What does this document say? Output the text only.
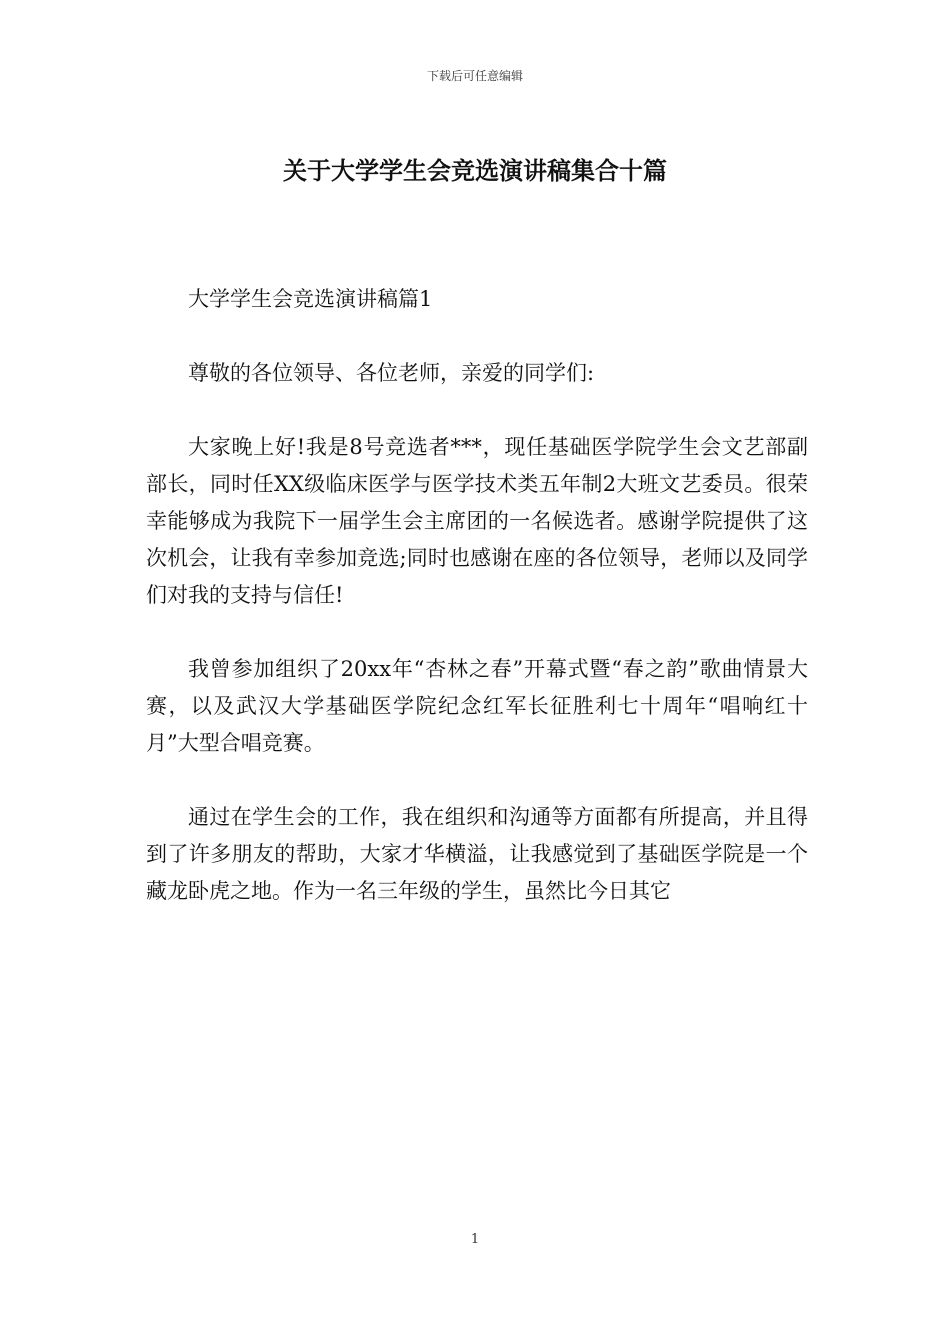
下载后可任意编辑
关于大学学生会竞选演讲稿集合十篇

大学学生会竞选演讲稿篇1

尊敬的各位领导、各位老师，亲爱的同学们:

大家晚上好!我是8号竞选者***，现任基础医学院学生会文艺部副部长，同时任XX级临床医学与医学技术类五年制2大班文艺委员。很荣幸能够成为我院下一届学生会主席团的一名候选者。感谢学院提供了这次机会，让我有幸参加竞选;同时也感谢在座的各位领导，老师以及同学们对我的支持与信任!

我曾参加组织了20xx年“杏林之春”开幕式暨“春之韵”歌曲情景大赛，以及武汉大学基础医学院纪念红军长征胜利七十周年“唱响红十月”大型合唱竞赛。

通过在学生会的工作，我在组织和沟通等方面都有所提高，并且得到了许多朋友的帮助，大家才华横溢，让我感觉到了基础医学院是一个藏龙卧虎之地。作为一名三年级的学生，虽然比今日其它

1
